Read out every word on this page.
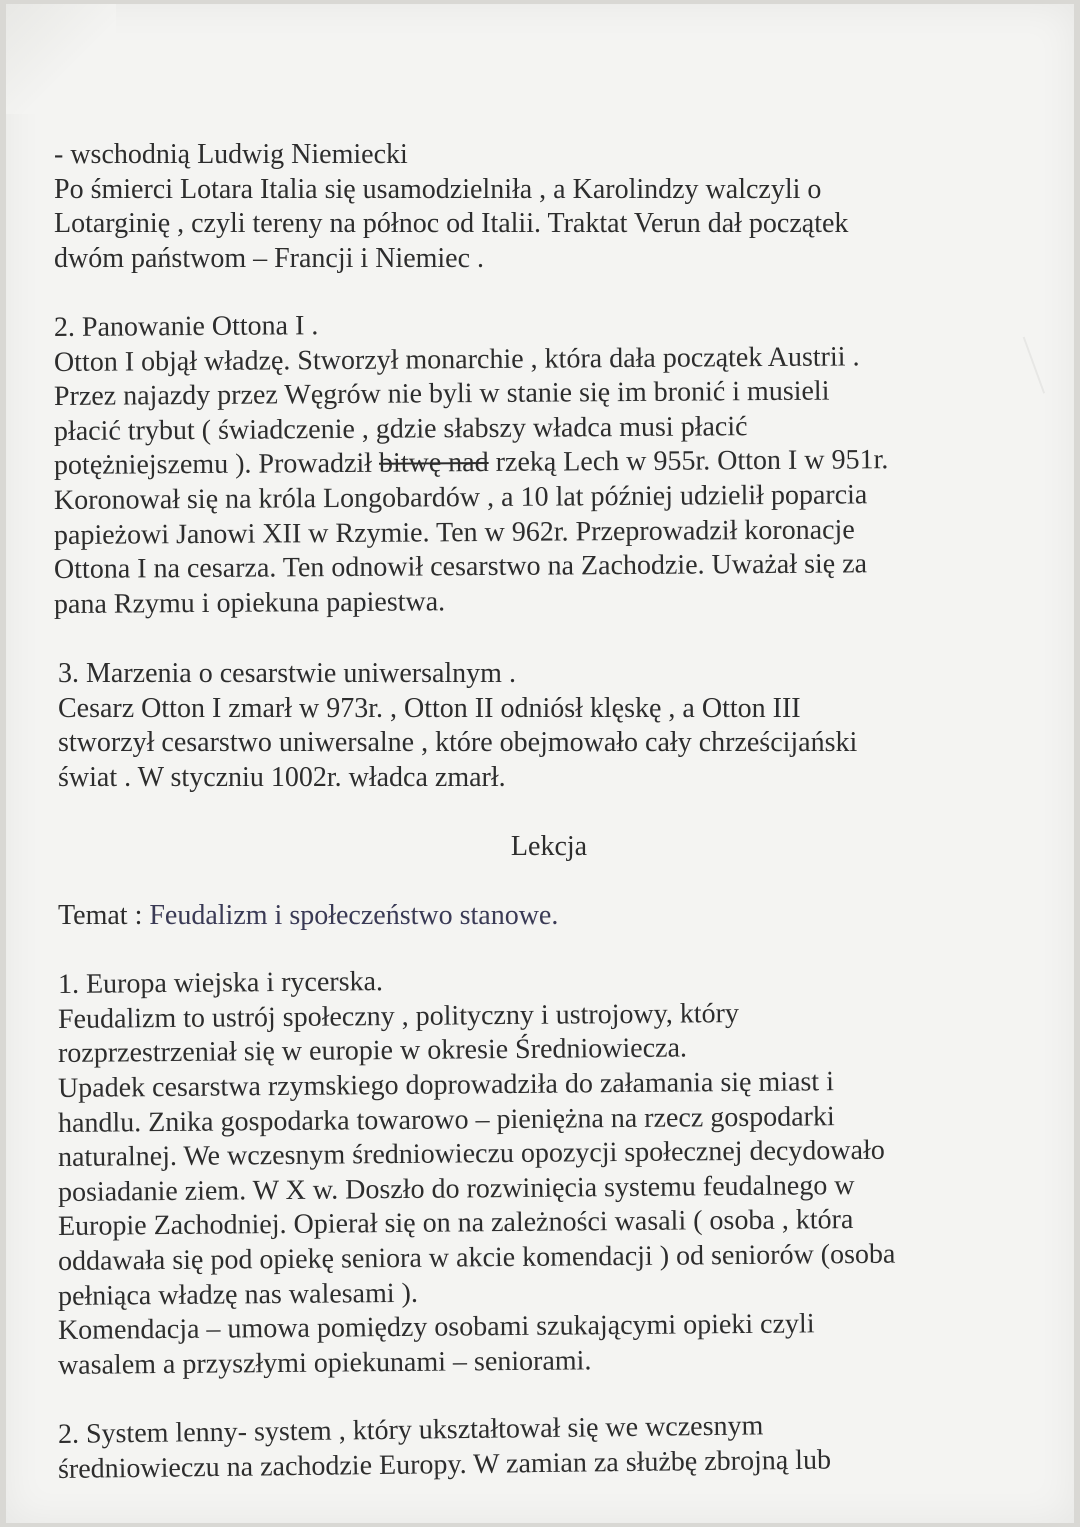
- wschodnią Ludwig Niemiecki

Po śmierci Lotara Italia się usamodzielniła , a Karolindzy walczyli o

Lotarginię , czyli tereny na północ od Italii. Traktat Verun dał początek

dwóm państwom – Francji i Niemiec .

2. Panowanie Ottona I .

Otton I objął władzę. Stworzył monarchie , która dała początek Austrii .

Przez najazdy przez Węgrów nie byli w stanie się im bronić i musieli

płacić trybut ( świadczenie , gdzie słabszy władca musi płacić

potężniejszemu ). Prowadził bitwę nad rzeką Lech w 955r. Otton I w 951r.

Koronował się na króla Longobardów , a 10 lat później udzielił poparcia

papieżowi Janowi XII w Rzymie. Ten w 962r. Przeprowadził koronacje

Ottona I na cesarza. Ten odnowił cesarstwo na Zachodzie. Uważał się za

pana Rzymu i opiekuna papiestwa.

3. Marzenia o cesarstwie uniwersalnym .

Cesarz Otton I zmarł w 973r. , Otton II odniósł klęskę , a Otton III

stworzył cesarstwo uniwersalne , które obejmowało cały chrześcijański

świat . W styczniu 1002r. władca zmarł.

Lekcja

Temat : Feudalizm i społeczeństwo stanowe.

1. Europa wiejska i rycerska.

Feudalizm to ustrój społeczny , polityczny i ustrojowy, który

rozprzestrzeniał się w europie w okresie Średniowiecza.

Upadek cesarstwa rzymskiego doprowadziła do załamania się miast i

handlu. Znika gospodarka towarowo – pieniężna na rzecz gospodarki

naturalnej. We wczesnym średniowieczu opozycji społecznej decydowało

posiadanie ziem. W X w. Doszło do rozwinięcia systemu feudalnego w

Europie Zachodniej. Opierał się on na zależności wasali ( osoba , która

oddawała się pod opiekę seniora w akcie komendacji ) od seniorów (osoba

pełniąca władzę nas walesami ).

Komendacja – umowa pomiędzy osobami szukającymi opieki czyli

wasalem a przyszłymi opiekunami – seniorami.

2. System lenny- system , który ukształtował się we wczesnym

średniowieczu na zachodzie Europy. W zamian za służbę zbrojną lub
